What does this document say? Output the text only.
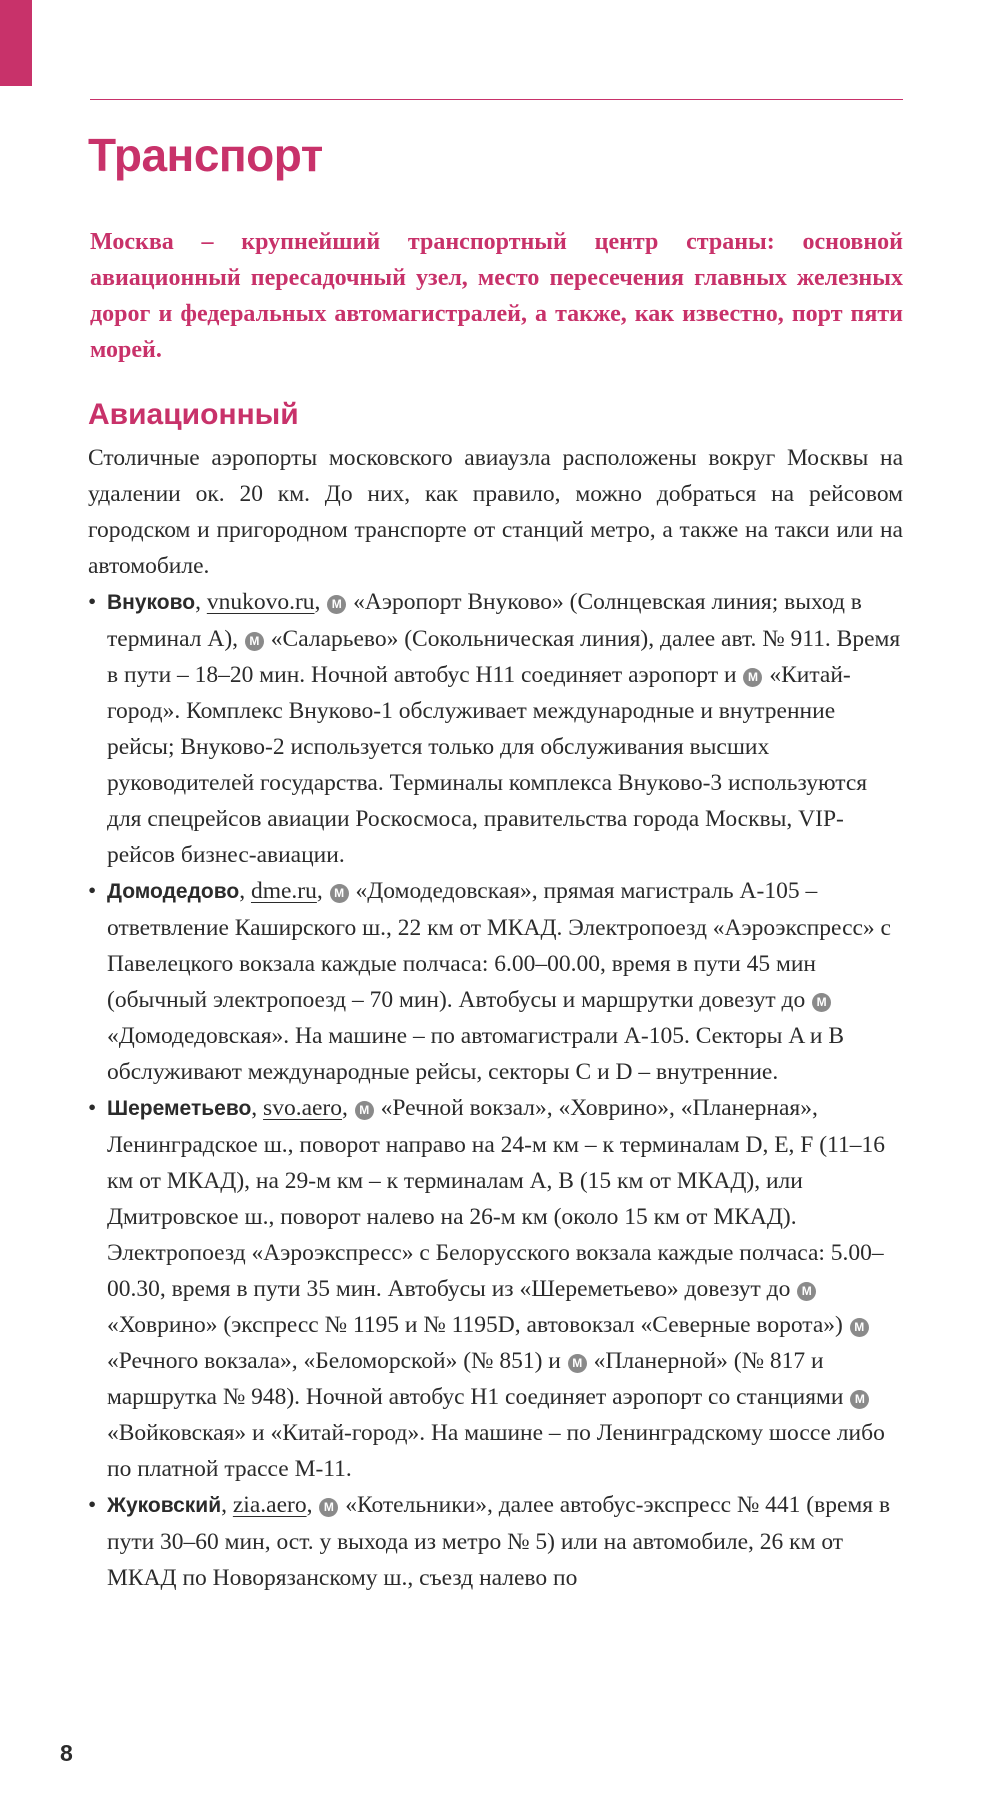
Транспорт

Москва – крупнейший транспортный центр страны: основной авиационный пересадочный узел, место пересечения главных железных дорог и федеральных автомагистралей, а также, как известно, порт пяти морей.

Авиационный

Столичные аэропорты московского авиаузла расположены вокруг Москвы на удалении ок. 20 км. До них, как правило, можно добраться на рейсовом городском и пригородном транспорте от станций метро, а также на такси или на автомобиле.

• Внуково, vnukovo.ru, М «Аэропорт Внуково» (Солнцевская линия; выход в терминал А), М «Саларьево» (Сокольническая линия), далее авт. № 911. Время в пути – 18–20 мин. Ночной автобус Н11 соединяет аэропорт и М «Китай-город». Комплекс Внуково-1 обслуживает международные и внутренние рейсы; Внуково-2 используется только для обслуживания высших руководителей государства. Терминалы комплекса Внуково-3 используются для спецрейсов авиации Роскосмоса, правительства города Москвы, VIP-рейсов бизнес-авиации.
• Домодедово, dme.ru, М «Домодедовская», прямая магистраль А-105 – ответвление Каширского ш., 22 км от МКАД. Электропоезд «Аэроэкспресс» с Павелецкого вокзала каждые полчаса: 6.00–00.00, время в пути 45 мин (обычный электропоезд – 70 мин). Автобусы и маршрутки довезут до М «Домодедовская». На машине – по автомагистрали А-105. Секторы A и B обслуживают международные рейсы, секторы C и D – внутренние.
• Шереметьево, svo.aero, М «Речной вокзал», «Ховрино», «Планерная», Ленинградское ш., поворот направо на 24-м км – к терминалам D, E, F (11–16 км от МКАД), на 29-м км – к терминалам A, B (15 км от МКАД), или Дмитровское ш., поворот налево на 26-м км (около 15 км от МКАД). Электропоезд «Аэроэкспресс» с Белорусского вокзала каждые полчаса: 5.00–00.30, время в пути 35 мин. Автобусы из «Шереметьево» довезут до М «Ховрино» (экспресс № 1195 и № 1195D, автовокзал «Северные ворота») М «Речного вокзала», «Беломорской» (№ 851) и М «Планерной» (№ 817 и маршрутка № 948). Ночной автобус Н1 соединяет аэропорт со станциями М «Войковская» и «Китай-город». На машине – по Ленинградскому шоссе либо по платной трассе М-11.
• Жуковский, zia.aero, М «Котельники», далее автобус-экспресс № 441 (время в пути 30–60 мин, ост. у выхода из метро № 5) или на автомобиле, 26 км от МКАД по Новорязанскому ш., съезд налево по
8
